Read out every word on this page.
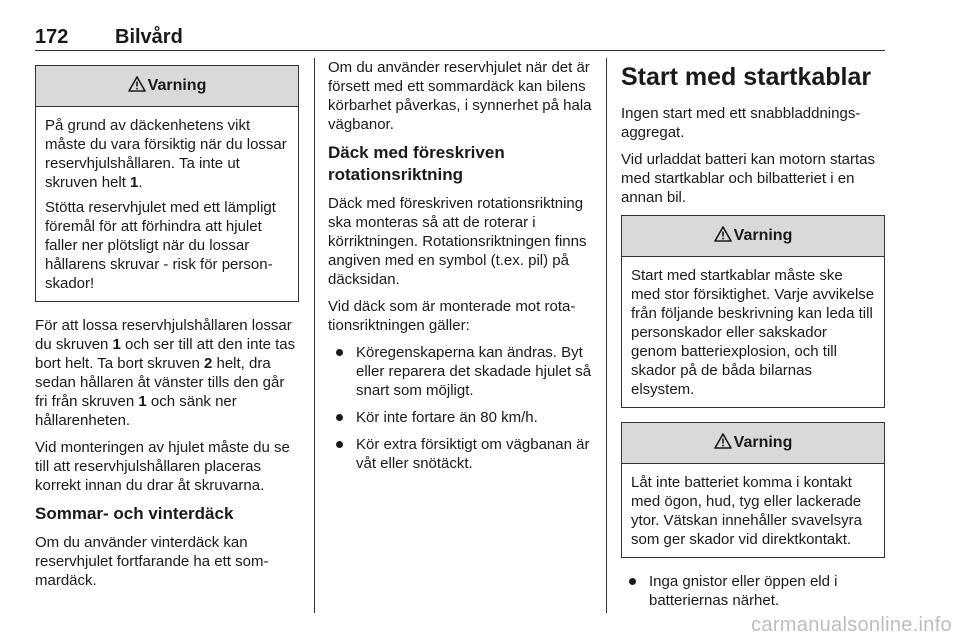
172 Bilvård
Varning

På grund av däckenhetens vikt måste du vara försiktig när du lossar reservhjulshållaren. Ta inte ut skruven helt 1.

Stötta reservhjulet med ett lämpligt föremål för att förhindra att hjulet faller ner plötsligt när du lossar hållarens skruvar - risk för personskador!

För att lossa reservhjulshållaren lossar du skruven 1 och ser till att den inte tas bort helt. Ta bort skruven 2 helt, dra sedan hållaren åt vänster tills den går fri från skruven 1 och sänk ner hållarenheten.

Vid monteringen av hjulet måste du se till att reservhjulshållaren placeras korrekt innan du drar åt skruvarna.

Sommar- och vinterdäck

Om du använder vinterdäck kan reservhjulet fortfarande ha ett sommardäck.

Om du använder reservhjulet när det är försett med ett sommardäck kan bilens körbarhet påverkas, i synnerhet på hala vägbanor.

Däck med föreskriven rotationsriktning

Däck med föreskriven rotationsriktning ska monteras så att de roterar i körriktningen. Rotationsriktningen finns angiven med en symbol (t.ex. pil) på däcksidan.

Vid däck som är monterade mot rotationsriktningen gäller:

Köregenskaperna kan ändras. Byt eller reparera det skadade hjulet så snart som möjligt.
Kör inte fortare än 80 km/h.
Kör extra försiktigt om vägbanan är våt eller snötäckt.
Start med startkablar

Ingen start med ett snabbladdningsaggregat.

Vid urladdat batteri kan motorn startas med startkablar och bilbatteriet i en annan bil.

Varning

Start med startkablar måste ske med stor försiktighet. Varje avvikelse från följande beskrivning kan leda till personskador eller sakskador genom batteriexplosion, och till skador på de båda bilarnas elsystem.

Varning

Låt inte batteriet komma i kontakt med ögon, hud, tyg eller lackerade ytor. Vätskan innehåller svavelsyra som ger skador vid direktkontakt.

Inga gnistor eller öppen eld i batteriernas närhet.
carmanualsonline.info
